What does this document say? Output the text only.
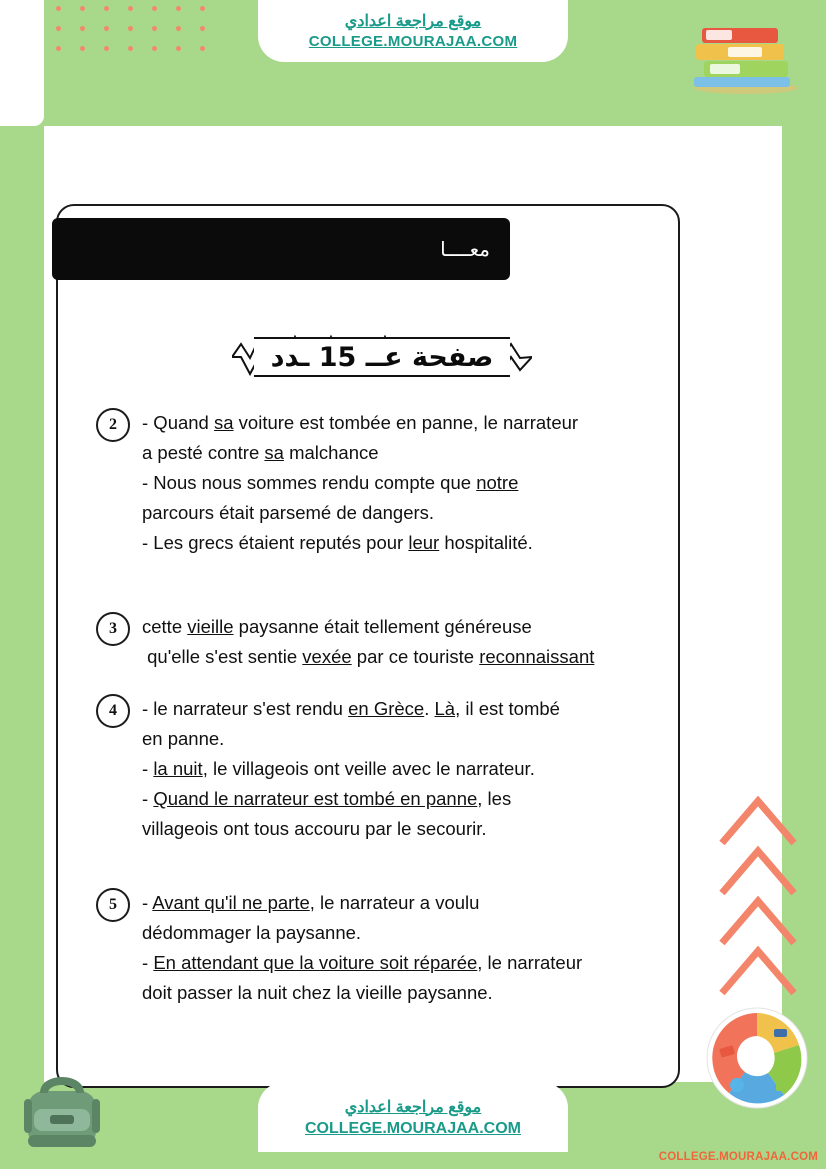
موقع مراجعة اعدادي
COLLEGE.MOURAJAA.COM
معــــا
صفحة عــ 15 ـدد
2	- Quand sa voiture est tombée en panne, le narrateur
a pesté contre sa malchance
- Nous nous sommes rendu compte que notre
parcours était parsemé de dangers.
- Les grecs étaient reputés pour leur hospitalité.
3	cette vieille paysanne était tellement généreuse
qu'elle s'est sentie vexée par ce touriste reconnaissant
4	- le narrateur s'est rendu en Grèce. Là, il est tombé
en panne.
- la nuit, le villageois ont veille avec le narrateur.
- Quand le narrateur est tombé en panne, les
villageois ont tous accouru par le secourir.
5	- Avant qu'il ne parte, le narrateur a voulu
dédommager la paysanne.
- En attendant que la voiture soit réparée, le narrateur
doit passer la nuit chez la vieille paysanne.
موقع مراجعة اعدادي
COLLEGE.MOURAJAA.COM
COLLEGE.MOURAJAA.COM
